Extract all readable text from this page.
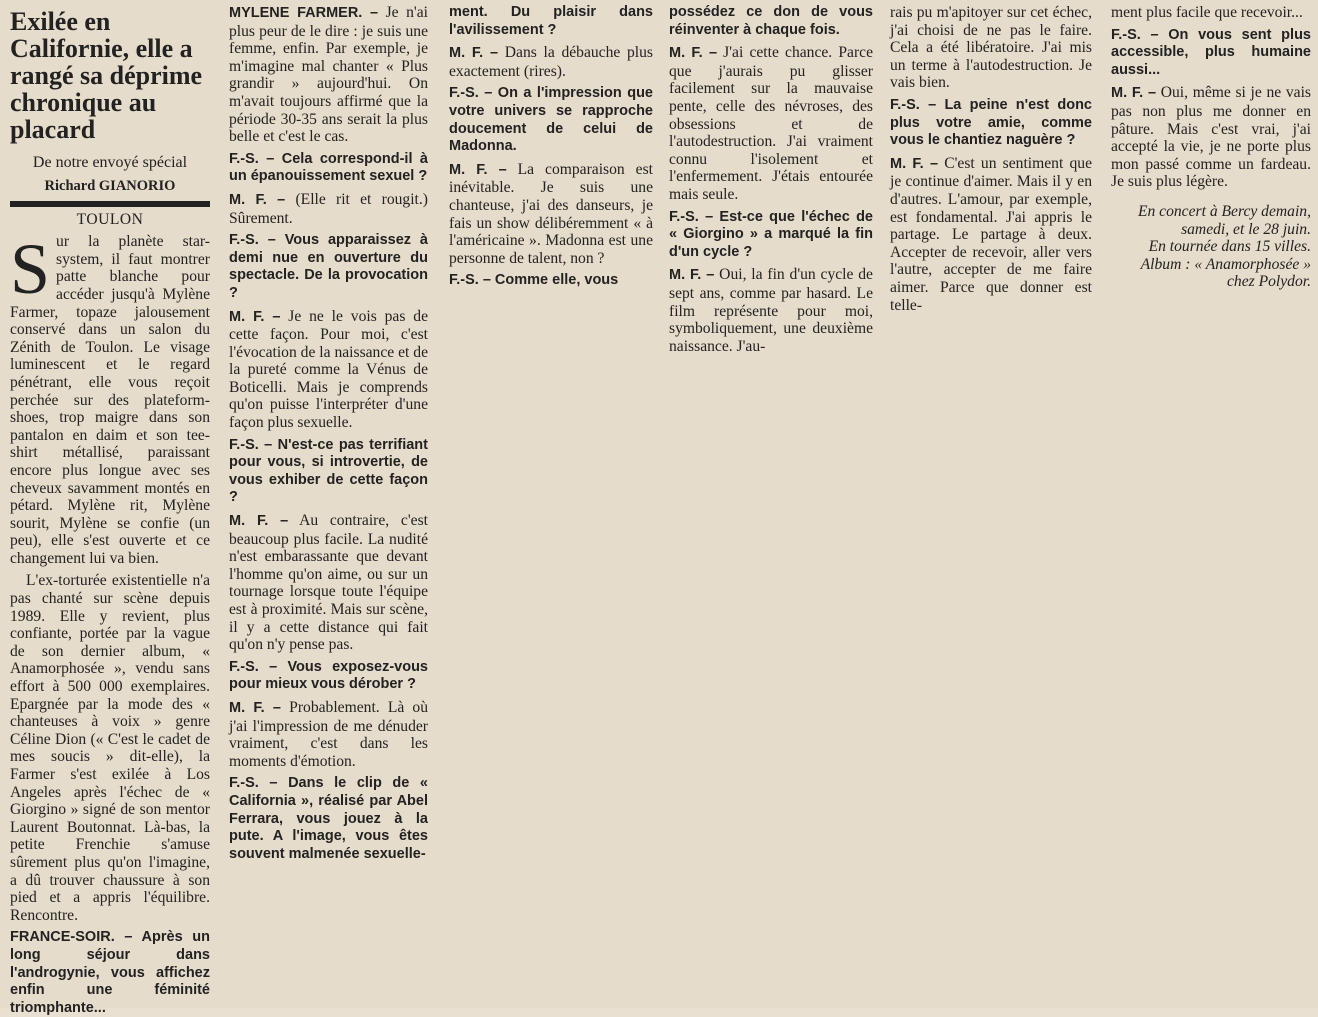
Exilée en Californie, elle a rangé sa déprime chronique au placard

De notre envoyé spécial

Richard GIANORIO

TOULON

Sur la planète star-system, il faut montrer patte blanche pour accéder jusqu'à Mylène Farmer, topaze jalousement conservé dans un salon du Zénith de Toulon. Le visage luminescent et le regard pénétrant, elle vous reçoit perchée sur des plateform-shoes, trop maigre dans son pantalon en daim et son tee-shirt métallisé, paraissant encore plus longue avec ses cheveux savamment montés en pétard. Mylène rit, Mylène sourit, Mylène se confie (un peu), elle s'est ouverte et ce changement lui va bien.

L'ex-torturée existentielle n'a pas chanté sur scène depuis 1989. Elle y revient, plus confiante, portée par la vague de son dernier album, « Anamorphosée », vendu sans effort à 500 000 exemplaires. Epargnée par la mode des « chanteuses à voix » genre Céline Dion (« C'est le cadet de mes soucis » dit-elle), la Farmer s'est exilée à Los Angeles après l'échec de « Giorgino » signé de son mentor Laurent Boutonnat. Là-bas, la petite Frenchie s'amuse sûrement plus qu'on l'imagine, a dû trouver chaussure à son pied et a appris l'équilibre. Rencontre.

FRANCE-SOIR. – Après un long séjour dans l'androgynie, vous affichez enfin une féminité triomphante...

MYLENE FARMER. – Je n'ai plus peur de le dire : je suis une femme, enfin. Par exemple, je m'imagine mal chanter « Plus grandir » aujourd'hui. On m'avait toujours affirmé que la période 30-35 ans serait la plus belle et c'est le cas.

F.-S. – Cela correspond-il à un épanouissement sexuel ?

M. F. – (Elle rit et rougit.) Sûrement.

F.-S. – Vous apparaissez à demi nue en ouverture du spectacle. De la provocation ?

M. F. – Je ne le vois pas de cette façon. Pour moi, c'est l'évocation de la naissance et de la pureté comme la Vénus de Boticelli. Mais je comprends qu'on puisse l'interpréter d'une façon plus sexuelle.

F.-S. – N'est-ce pas terrifiant pour vous, si introvertie, de vous exhiber de cette façon ?

M. F. – Au contraire, c'est beaucoup plus facile. La nudité n'est embarassante que devant l'homme qu'on aime, ou sur un tournage lorsque toute l'équipe est à proximité. Mais sur scène, il y a cette distance qui fait qu'on n'y pense pas.

F.-S. – Vous exposez-vous pour mieux vous dérober ?

M. F. – Probablement. Là où j'ai l'impression de me dénuder vraiment, c'est dans les moments d'émotion.

F.-S. – Dans le clip de « California », réalisé par Abel Ferrara, vous jouez à la pute. A l'image, vous êtes souvent malmenée sexuelle-

ment. Du plaisir dans l'avilissement ?

M. F. – Dans la débauche plus exactement (rires).

F.-S. – On a l'impression que votre univers se rapproche doucement de celui de Madonna.

M. F. – La comparaison est inévitable. Je suis une chanteuse, j'ai des danseurs, je fais un show délibéremment « à l'américaine ». Madonna est une personne de talent, non ?

F.-S. – Comme elle, vous

possédez ce don de vous réinventer à chaque fois.

M. F. – J'ai cette chance. Parce que j'aurais pu glisser facilement sur la mauvaise pente, celle des névroses, des obsessions et de l'autodestruction. J'ai vraiment connu l'isolement et l'enfermement. J'étais entourée mais seule.

F.-S. – Est-ce que l'échec de « Giorgino » a marqué la fin d'un cycle ?

M. F. – Oui, la fin d'un cycle de sept ans, comme par hasard. Le film représente pour moi, symboliquement, une deuxième naissance. J'au-

rais pu m'apitoyer sur cet échec, j'ai choisi de ne pas le faire. Cela a été libératoire. J'ai mis un terme à l'autodestruction. Je vais bien.

F.-S. – La peine n'est donc plus votre amie, comme vous le chantiez naguère ?

M. F. – C'est un sentiment que je continue d'aimer. Mais il y en d'autres. L'amour, par exemple, est fondamental. J'ai appris le partage. Le partage à deux. Accepter de recevoir, aller vers l'autre, accepter de me faire aimer. Parce que donner est telle-

ment plus facile que recevoir...

F.-S. – On vous sent plus accessible, plus humaine aussi...

M. F. – Oui, même si je ne vais pas non plus me donner en pâture. Mais c'est vrai, j'ai accepté la vie, je ne porte plus mon passé comme un fardeau. Je suis plus légère.

En concert à Bercy demain,
samedi, et le 28 juin.
En tournée dans 15 villes.
Album : « Anamorphosée »
chez Polydor.
